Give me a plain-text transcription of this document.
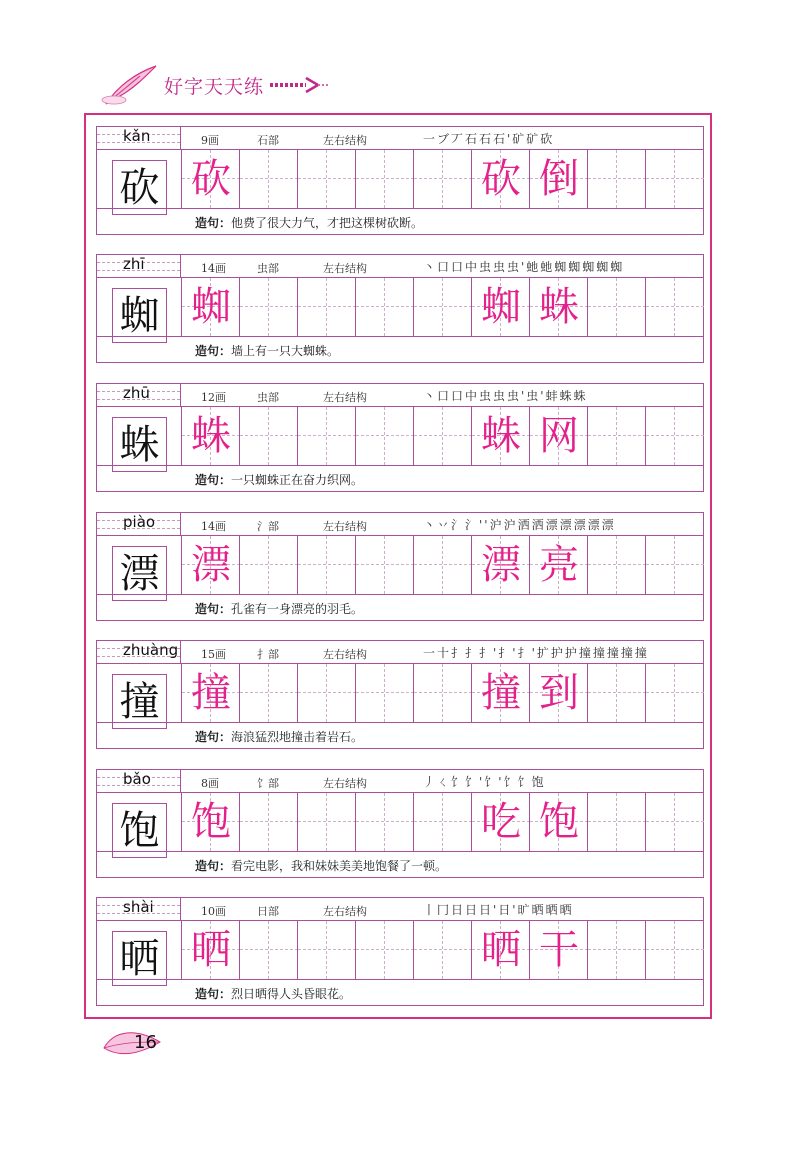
好字天天练
kǎn	9画	石部	左右结构	一ブ丆石石石'矿矿砍
砍 砍	砍 倒
造句：他费了很大力气，才把这棵树砍断。
zhī	14画	虫部	左右结构	丶口口中虫虫虫'虵虵蜘蜘蜘蜘蜘
蜘 蜘	蜘 蛛
造句：墙上有一只大蜘蛛。
zhū	12画	虫部	左右结构	丶口口中虫虫虫'虫'蚌蛛蛛
蛛 蛛	蛛 网
造句：一只蜘蛛正在奋力织网。
piào	14画	氵部	左右结构	丶丷氵氵''沪沪洒洒漂漂漂漂漂
漂 漂	漂 亮
造句：孔雀有一身漂亮的羽毛。
zhuàng 15画	扌部	左右结构	一十扌扌扌'扌'扌'扩护护撞撞撞撞撞
撞 撞	撞 到
造句：海浪猛烈地撞击着岩石。
bǎo	8画	饣部	左右结构	丿ㄑ饣饣'饣'饣饣饱
饱 饱	吃 饱
造句：看完电影，我和妹妹美美地饱餐了一顿。
shài	10画	日部	左右结构	丨冂日日日'日'旷晒晒晒
晒 晒	晒 干
造句：烈日晒得人头昏眼花。
16
